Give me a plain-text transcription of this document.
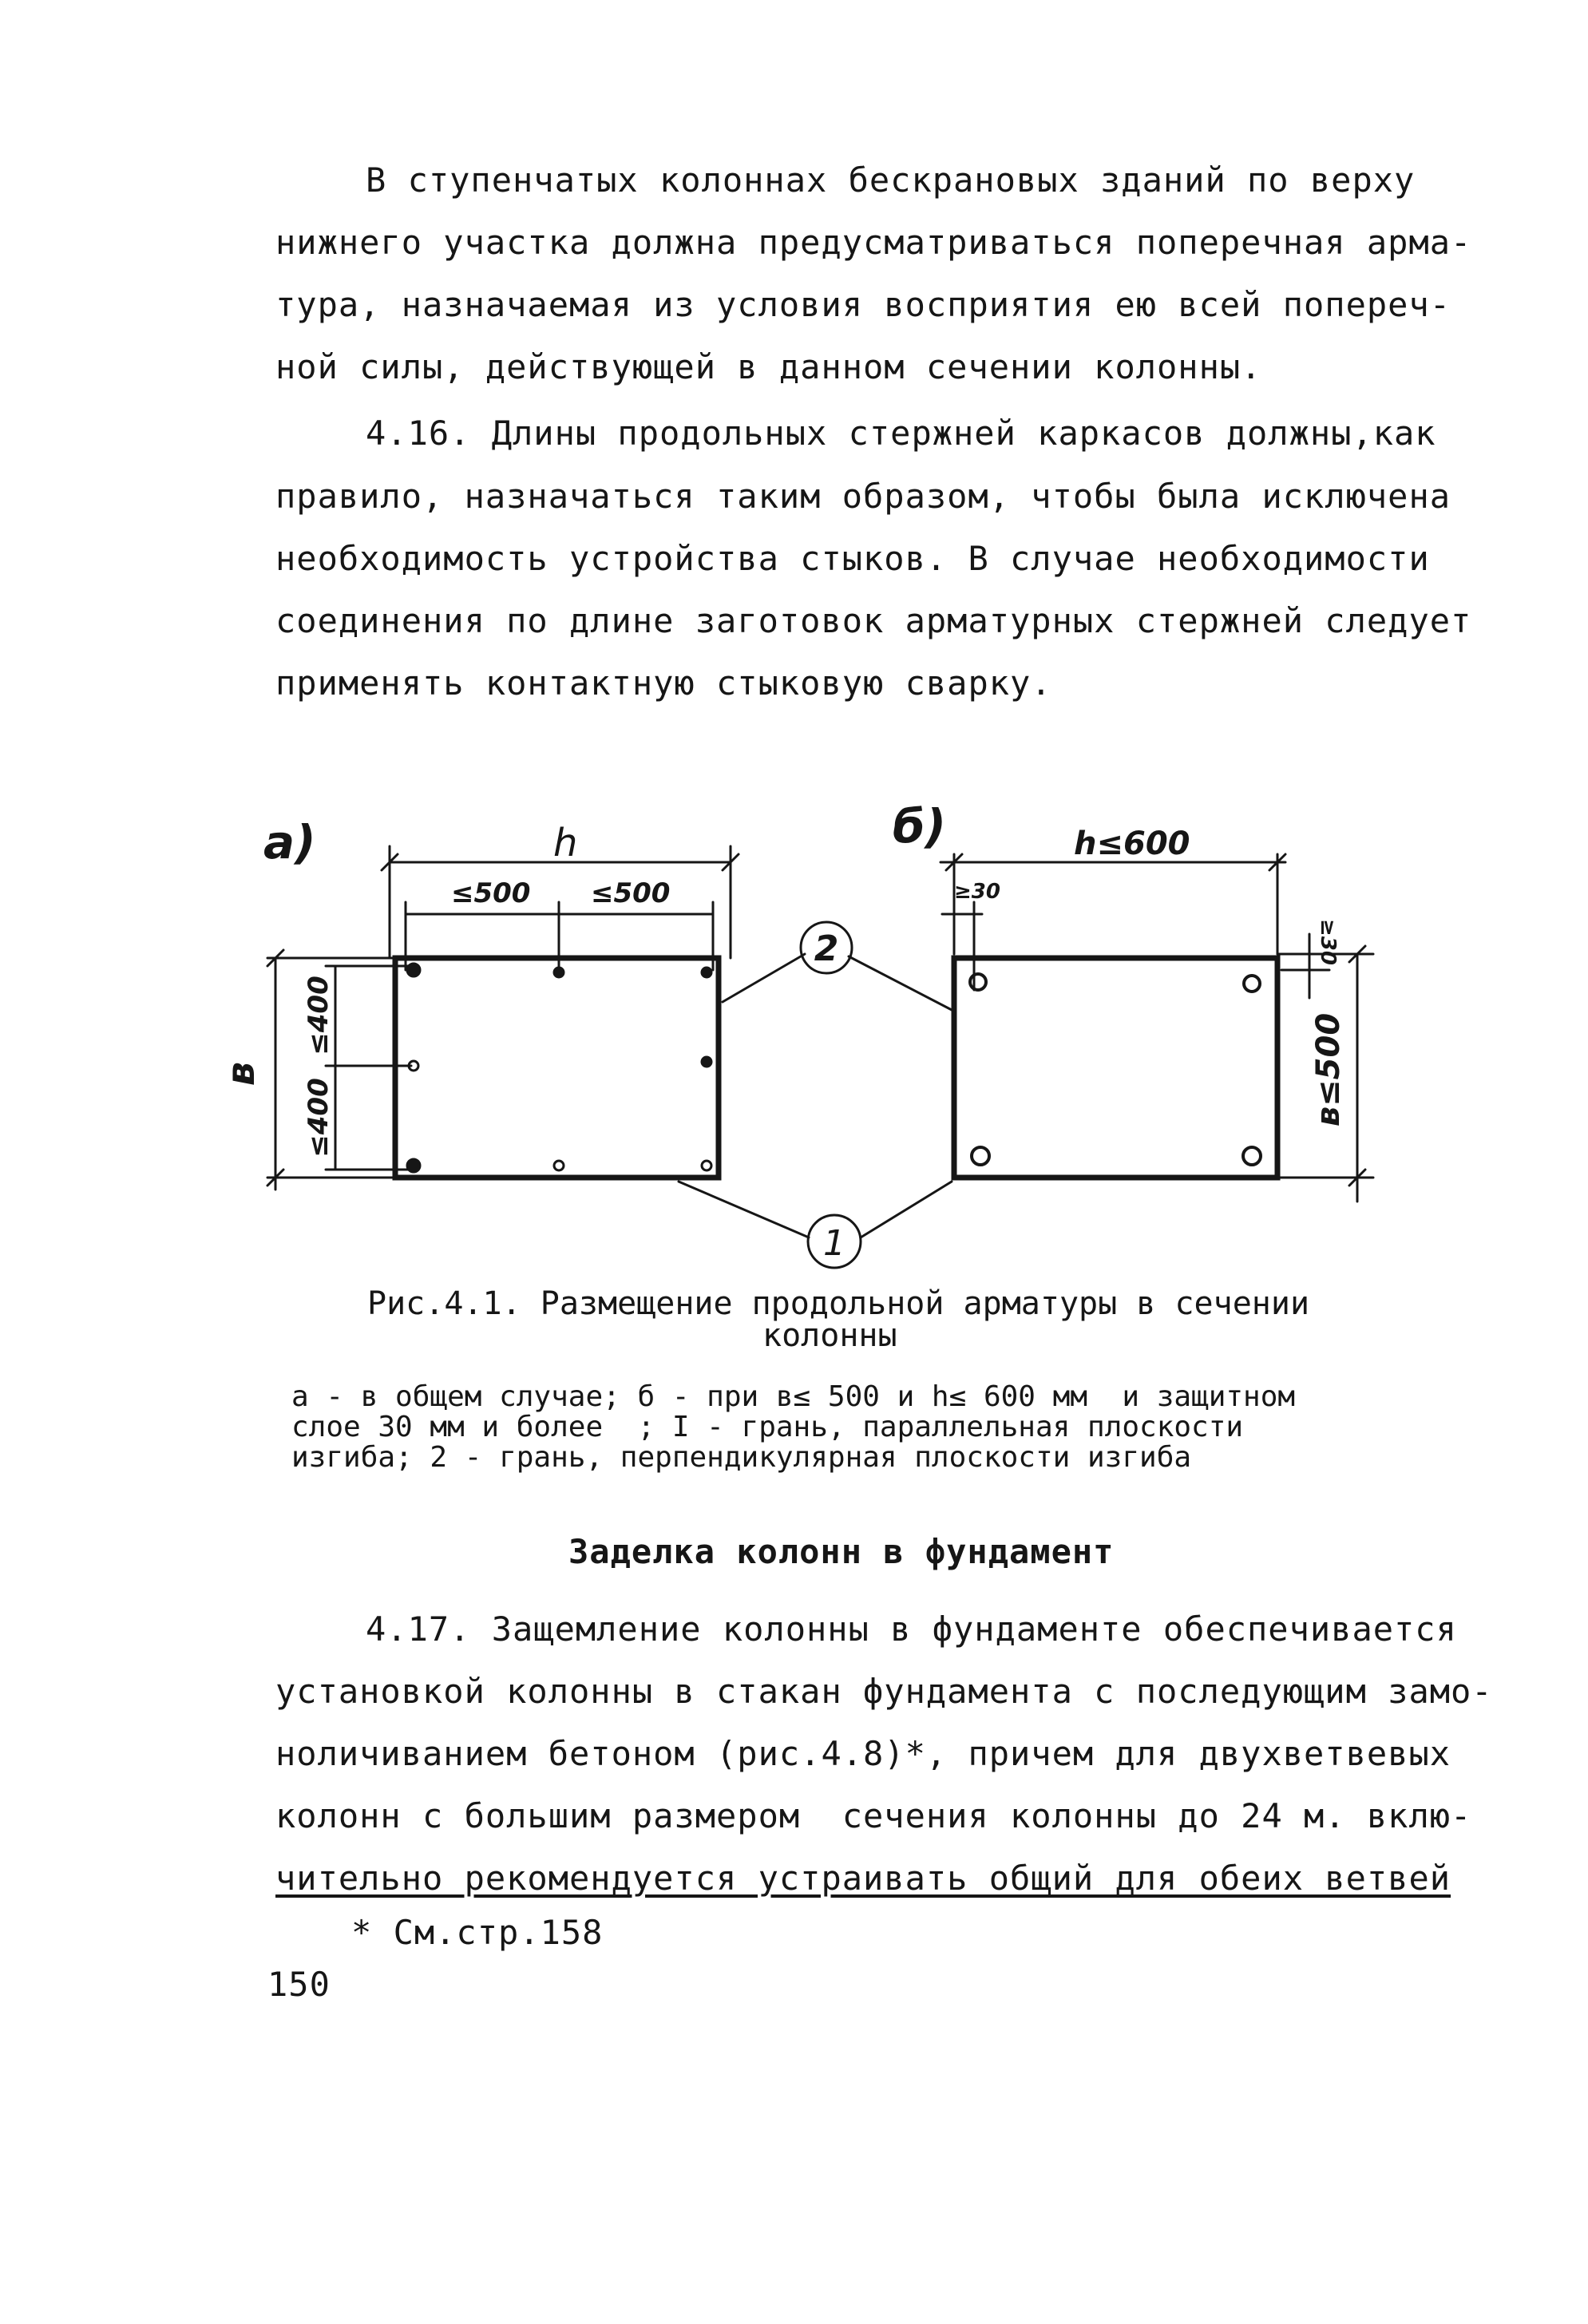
В ступенчатых колоннах бескрановых зданий по верху

нижнего участка должна предусматриваться поперечная арма-

тура, назначаемая из условия восприятия ею всей попереч-

ной силы, действующей в данном сечении колонны.

4.16. Длины продольных стержней каркасов должны,как

правило, назначаться таким образом, чтобы была исключена

необходимость устройства стыков. В случае необходимости

соединения по длине заготовок арматурных стержней следует

применять контактную стыковую сварку.

а)	h
≤500 ≤500
в
≤400
≤400
2
1
б)	h≤600
≥30
≥30
в≤500

Рис.4.1. Размещение продольной арматуры в сечении

колонны

а - в общем случае; б - при в≤ 500 и h≤ 600 мм  и защитном

слое 30 мм и более  ; I - грань, параллельная плоскости

изгиба; 2 - грань, перпендикулярная плоскости изгиба

Заделка колонн в фундамент

4.17. Защемление колонны в фундаменте обеспечивается

установкой колонны в стакан фундамента с последующим замо-

ноличиванием бетоном (рис.4.8)*, причем для двухветвевых

колонн с большим размером  сечения колонны до 24 м. вклю-

чительно рекомендуется устраивать общий для обеих ветвей

* См.стр.158

150
